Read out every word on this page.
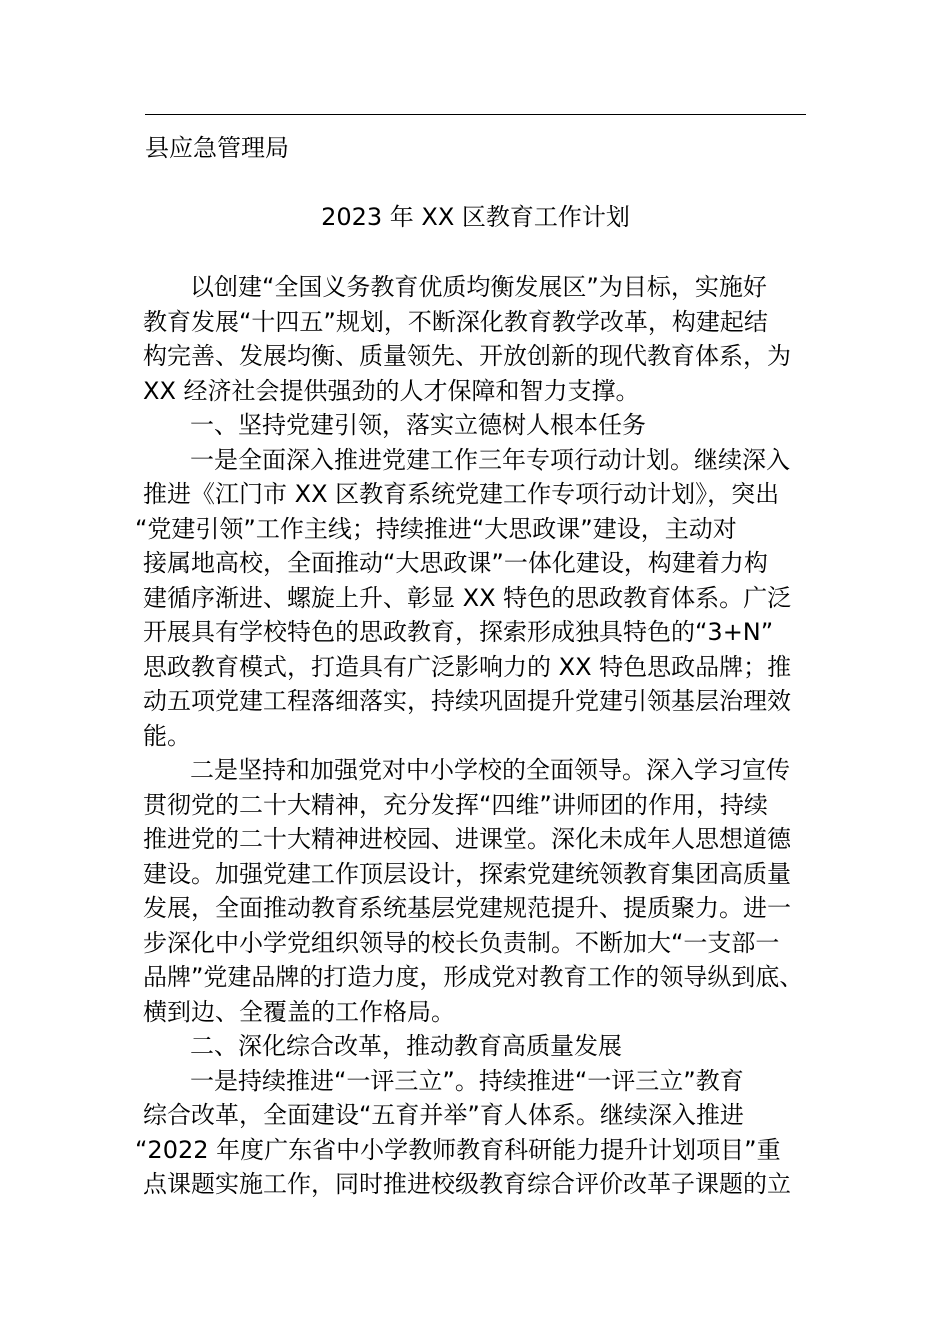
县应急管理局
2023 年 XX 区教育工作计划
以创建“全国义务教育优质均衡发展区”为目标，实施好
教育发展“十四五”规划，不断深化教育教学改革，构建起结
构完善、发展均衡、质量领先、开放创新的现代教育体系，为
XX 经济社会提供强劲的人才保障和智力支撑。
一、坚持党建引领，落实立德树人根本任务
一是全面深入推进党建工作三年专项行动计划。继续深入
推进《江门市 XX 区教育系统党建工作专项行动计划》，突出
“党建引领”工作主线；持续推进“大思政课”建设，主动对
接属地高校，全面推动“大思政课”一体化建设，构建着力构
建循序渐进、螺旋上升、彰显 XX 特色的思政教育体系。广泛
开展具有学校特色的思政教育，探索形成独具特色的“3+N”
思政教育模式，打造具有广泛影响力的 XX 特色思政品牌；推
动五项党建工程落细落实，持续巩固提升党建引领基层治理效
能。
二是坚持和加强党对中小学校的全面领导。深入学习宣传
贯彻党的二十大精神，充分发挥“四维”讲师团的作用，持续
推进党的二十大精神进校园、进课堂。深化未成年人思想道德
建设。加强党建工作顶层设计，探索党建统领教育集团高质量
发展，全面推动教育系统基层党建规范提升、提质聚力。进一
步深化中小学党组织领导的校长负责制。不断加大“一支部一
品牌”党建品牌的打造力度，形成党对教育工作的领导纵到底、
横到边、全覆盖的工作格局。
二、深化综合改革，推动教育高质量发展
一是持续推进“一评三立”。持续推进“一评三立”教育
综合改革，全面建设“五育并举”育人体系。继续深入推进
“2022 年度广东省中小学教师教育科研能力提升计划项目”重
点课题实施工作，同时推进校级教育综合评价改革子课题的立
